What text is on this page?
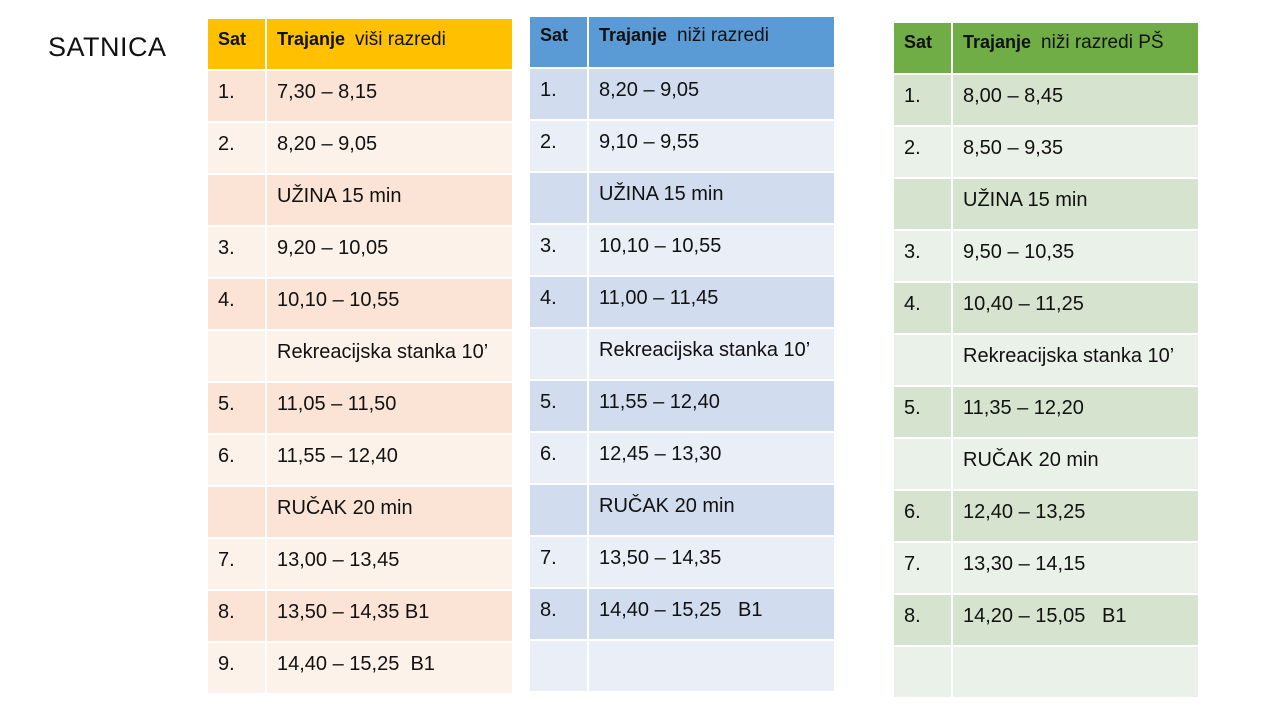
SATNICA	Sat	Trajanje viši razredi
1.	7,30 – 8,15
2.	8,20 – 9,05
	UŽINA 15 min
3.	9,20 – 10,05
4.	10,10 – 10,55
	Rekreacijska stanka 10’
5.	11,05 – 11,50
6.	11,55 – 12,40
	RUČAK 20 min
7.	13,00 – 13,45
8.	13,50 – 14,35 B1
9.	14,40 – 15,25  B1
Sat	Trajanje niži razredi
1.	8,20 – 9,05
2.	9,10 – 9,55
	UŽINA 15 min
3.	10,10 – 10,55
4.	11,00 – 11,45
	Rekreacijska stanka 10’
5.	11,55 – 12,40
6.	12,45 – 13,30
	RUČAK 20 min
7.	13,50 – 14,35
8.	14,40 – 15,25   B1

Sat	Trajanje niži razredi PŠ
1.	8,00 – 8,45
2.	8,50 – 9,35
	UŽINA 15 min
3.	9,50 – 10,35
4.	10,40 – 11,25
	Rekreacijska stanka 10’
5.	11,35 – 12,20
	RUČAK 20 min
6.	12,40 – 13,25
7.	13,30 – 14,15
8.	14,20 – 15,05   B1
